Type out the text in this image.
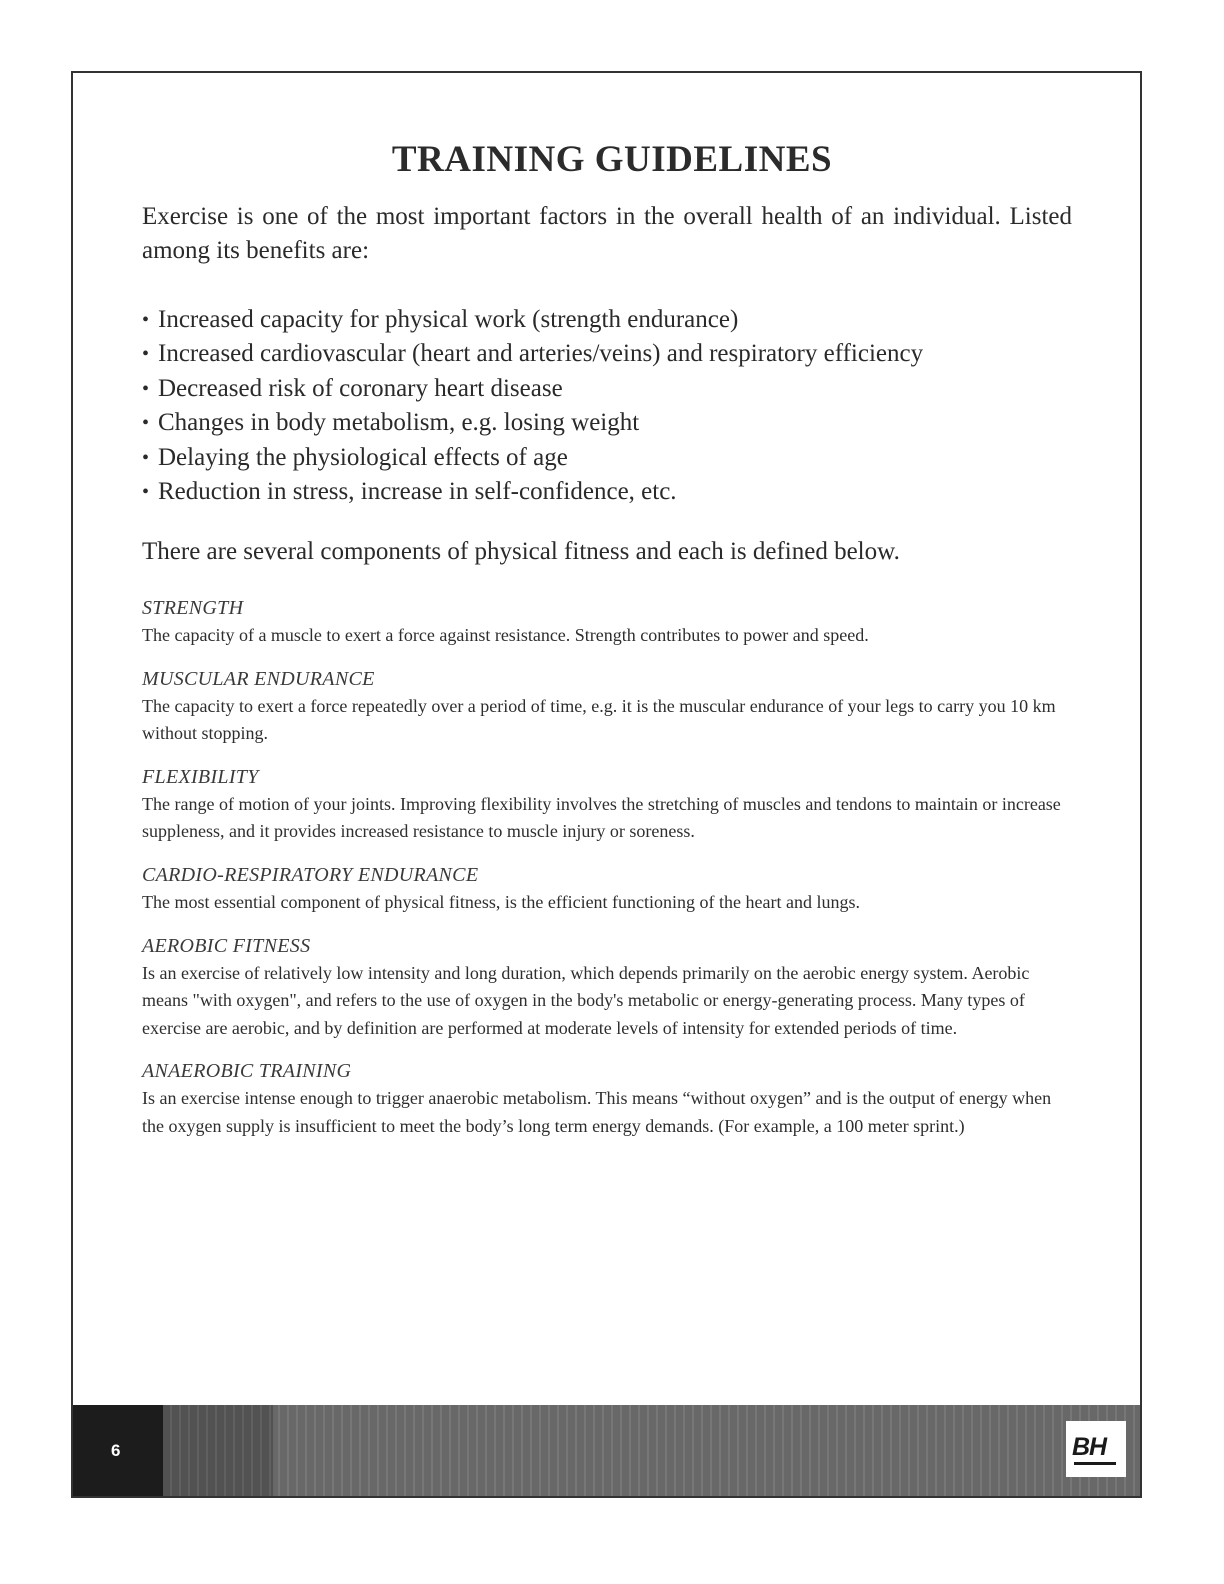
TRAINING GUIDELINES
Exercise is one of the most important factors in the overall health of an individual. Listed among its benefits are:
• Increased capacity for physical work (strength endurance)
• Increased cardiovascular (heart and arteries/veins) and respiratory efficiency
• Decreased risk of coronary heart disease
• Changes in body metabolism, e.g. losing weight
• Delaying the physiological effects of age
• Reduction in stress, increase in self-confidence, etc.
There are several components of physical fitness and each is defined below.
STRENGTH

The capacity of a muscle to exert a force against resistance. Strength contributes to power and speed.

MUSCULAR ENDURANCE

The capacity to exert a force repeatedly over a period of time, e.g. it is the muscular endurance of your legs to carry you 10 km without stopping.

FLEXIBILITY

The range of motion of your joints. Improving flexibility involves the stretching of muscles and tendons to maintain or increase suppleness, and it provides increased resistance to muscle injury or soreness.

CARDIO-RESPIRATORY ENDURANCE

The most essential component of physical fitness, is the efficient functioning of the heart and lungs.

AEROBIC FITNESS

Is an exercise of relatively low intensity and long duration, which depends primarily on the aerobic energy system. Aerobic means "with oxygen", and refers to the use of oxygen in the body's metabolic or energy-generating process. Many types of exercise are aerobic, and by definition are performed at moderate levels of intensity for extended periods of time.

ANAEROBIC TRAINING

Is an exercise intense enough to trigger anaerobic metabolism. This means “without oxygen” and is the output of energy when the oxygen supply is insufficient to meet the body’s long term energy demands. (For example, a 100 meter sprint.)

6	BH
